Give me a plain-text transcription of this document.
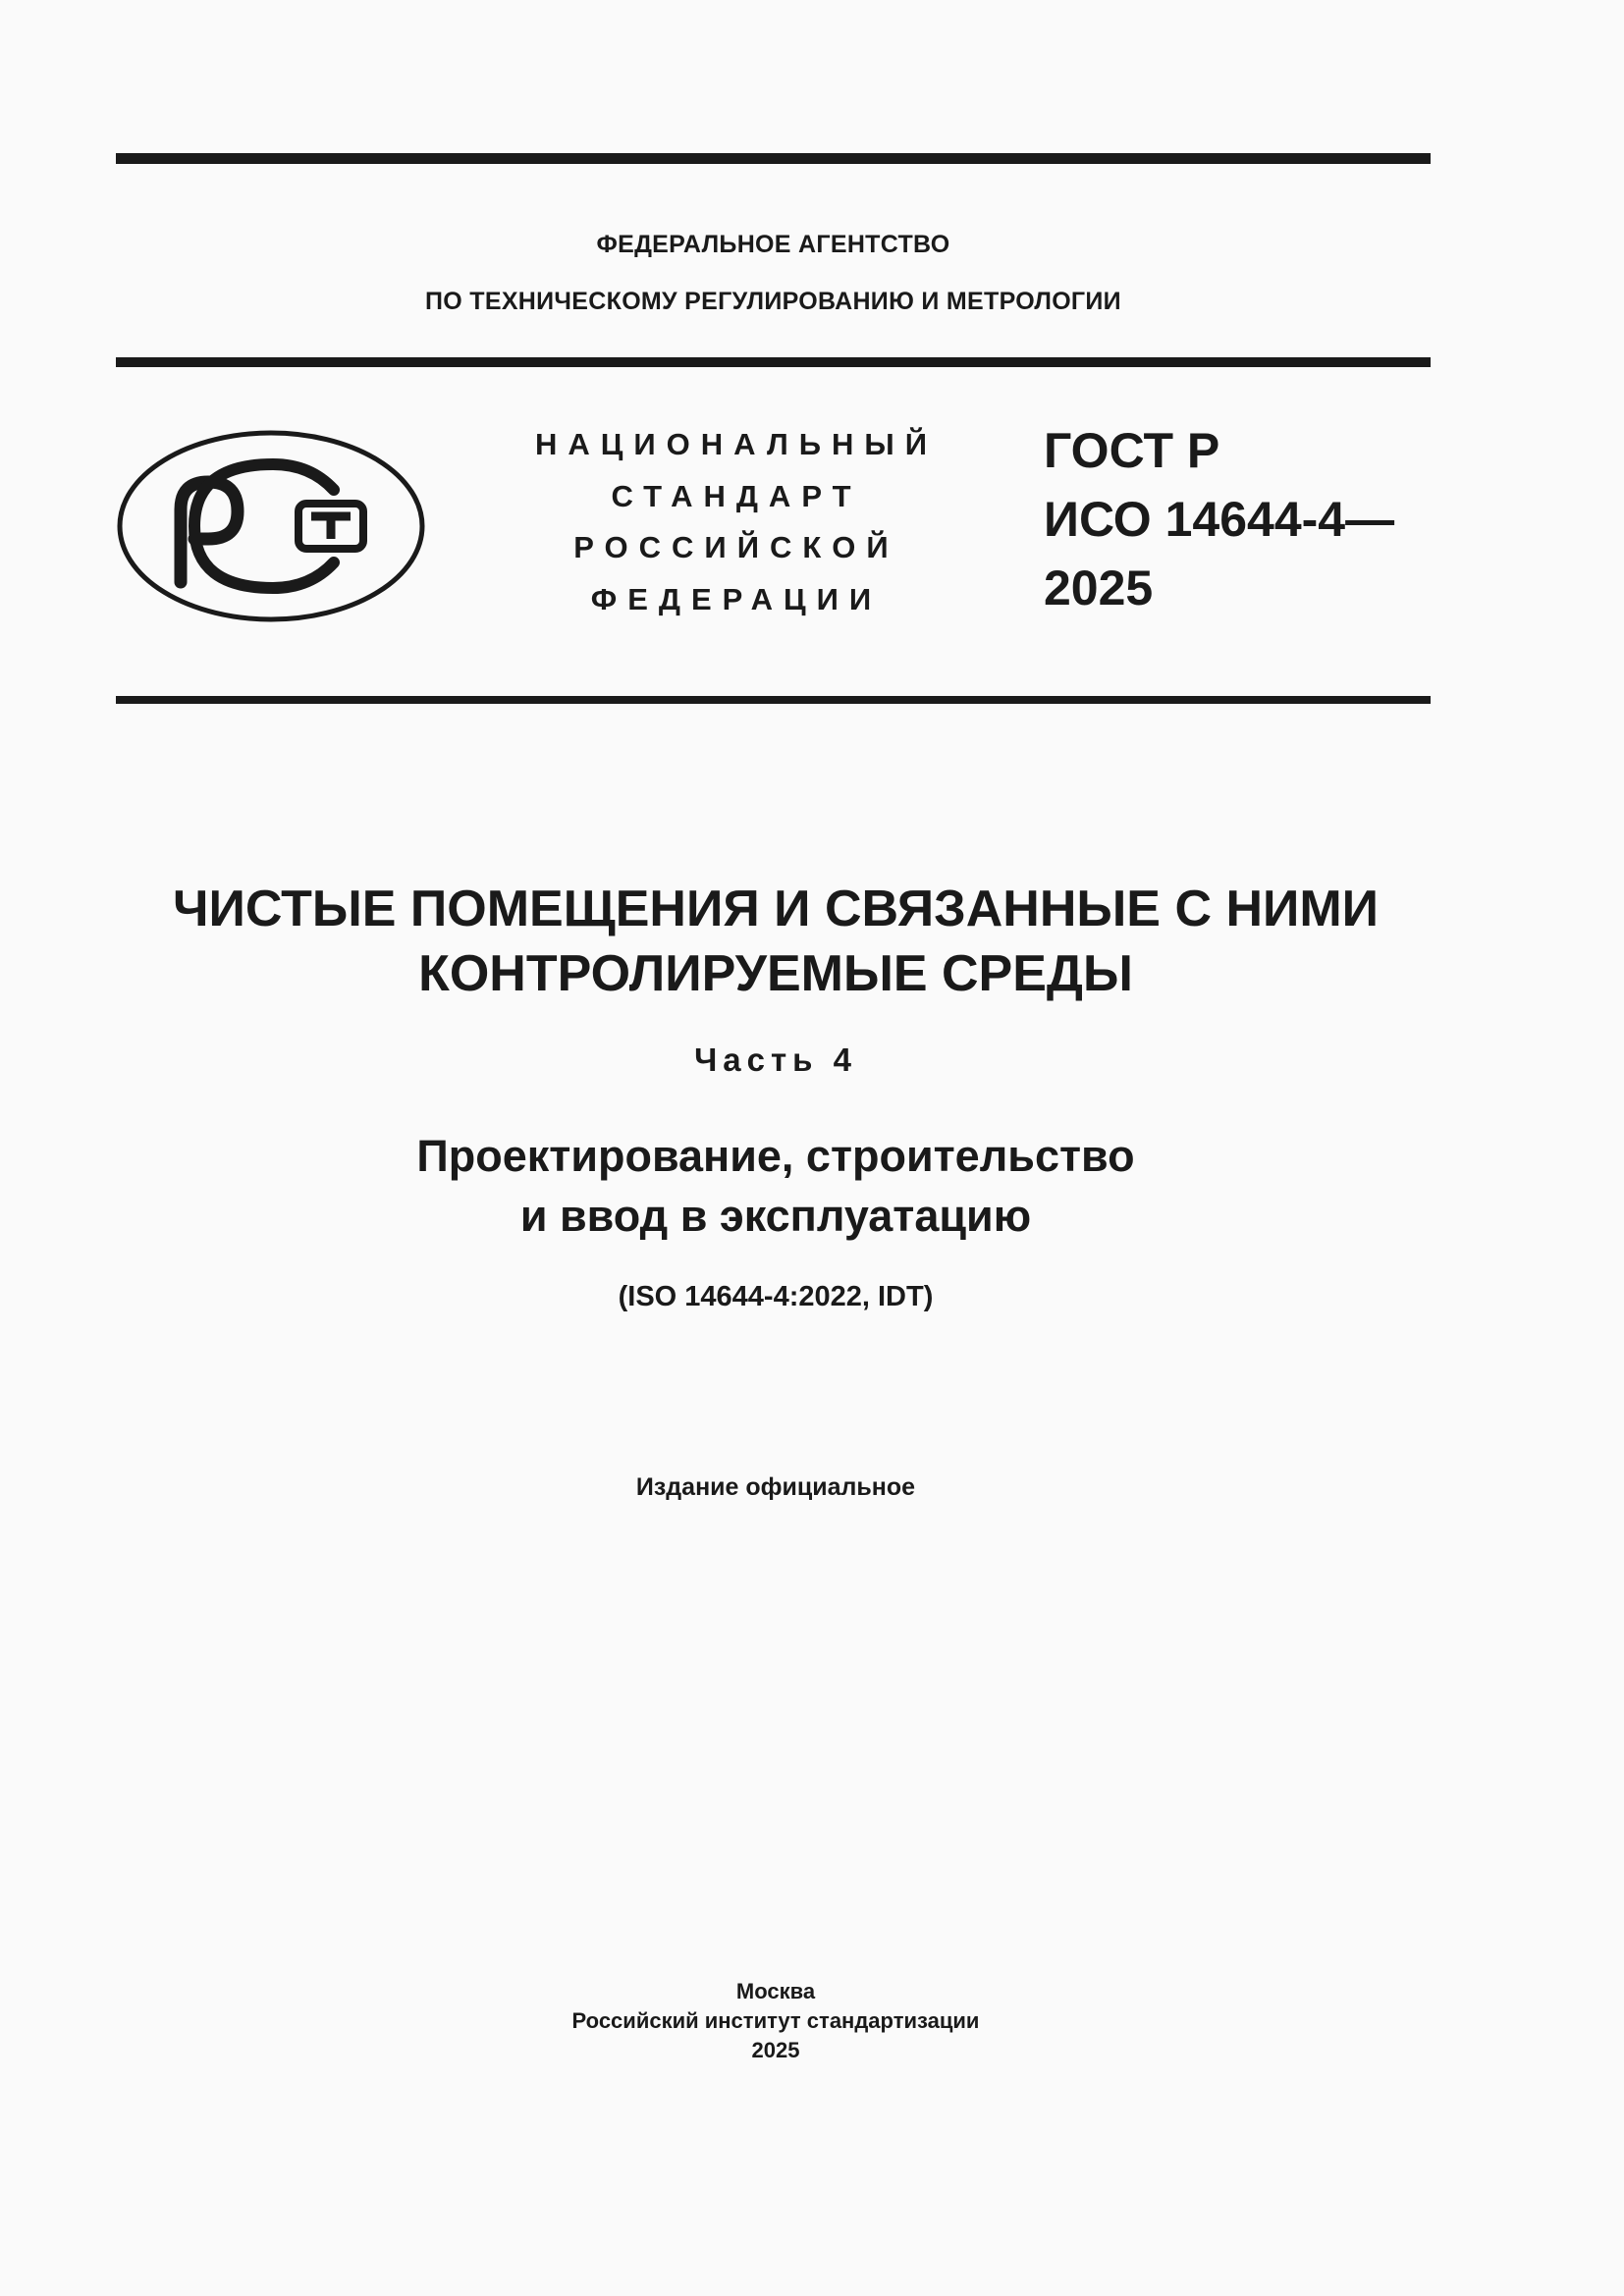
ФЕДЕРАЛЬНОЕ АГЕНТСТВО
ПО ТЕХНИЧЕСКОМУ РЕГУЛИРОВАНИЮ И МЕТРОЛОГИИ
НАЦИОНАЛЬНЫЙ
СТАНДАРТ
РОССИЙСКОЙ
ФЕДЕРАЦИИ
ГОСТ Р
ИСО 14644-4—
2025
ЧИСТЫЕ ПОМЕЩЕНИЯ И СВЯЗАННЫЕ С НИМИ
КОНТРОЛИРУЕМЫЕ СРЕДЫ
Часть 4
Проектирование, строительство
и ввод в эксплуатацию
(ISO 14644-4:2022, IDT)
Издание официальное
Москва
Российский институт стандартизации
2025
